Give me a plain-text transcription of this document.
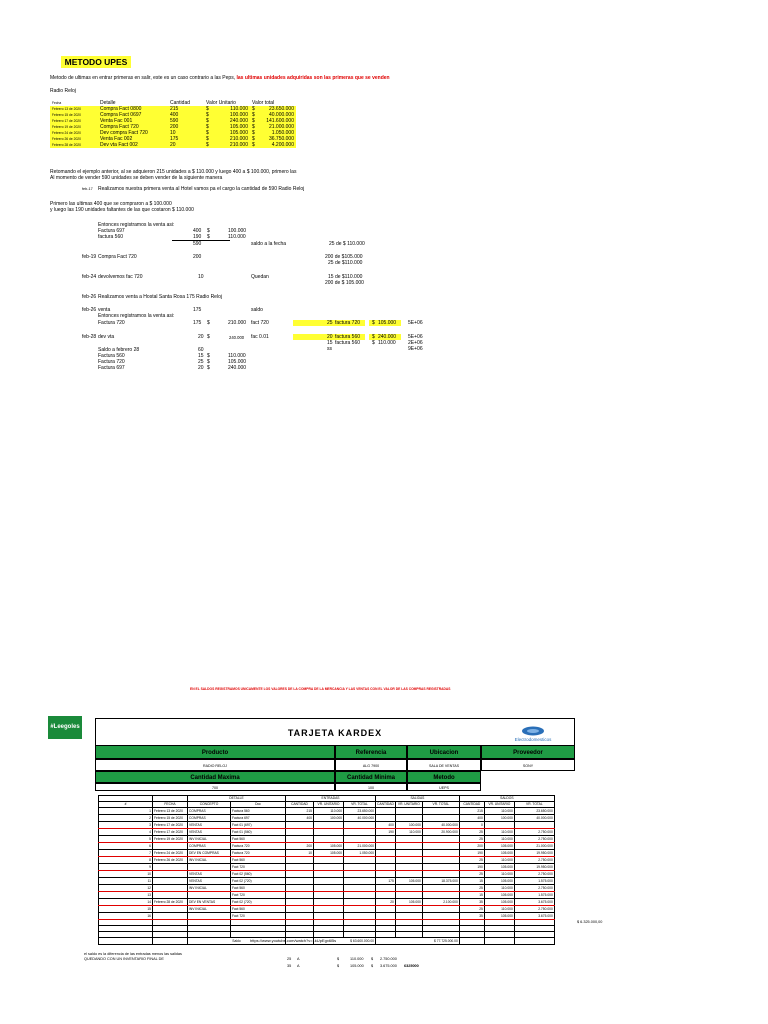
METODO UPES
Metodo de ultimas en entrar primeras en salir, este es un caso contrario a las Peps, las ultimas unidades adquiridas son las primeras que se venden
Radio Reloj
Fecha	Detalle	Cantidad	Valor Unitario	Valor total
Febrero 13 de 2020	Compra Fact 0800	215	$ 110.000	$ 23.650.000

Febrero 15 de 2020	Compra Fact 0697	400	$ 100.000	$ 40.000.000

Febrero 17 de 2020	Venta Fac 001	590	$ 240.000	$ 141.600.000

Febrero 19 de 2020	Compra Fact 720	200	$ 105.000	$ 21.000.000

Febrero 24 de 2020	Dev compra Fact 720	10	$ 105.000	$ 1.050.000

Febrero 26 de 2020	Venta Fac 002	175	$ 210.000	$ 36.750.000

Febrero 28 de 2020	Dev vta Fact 002	20	$ 210.000	$ 4.200.000
Retomando el ejemplo anterior, al se adquieron 215 unidades a $ 110.000 y luego 400 a $ 100.000, primero las
Al momento de vender 590 unidades se deben vender de la siguiente manera
feb-17 Realizamos nuestra primera venta al Hotel vamos pa el cargo la cantidad de 590 Radio Reloj
Primero las ultimas 400 que se compraron a $ 100.000
y luego las 190 unidades faltantes de las que costaron $ 110.000
Entonces registramos la venta asi:
Factura 697	400 $	100.000
factura 560	190 $	110.000
590	saldo a la fecha	25 de $ 110.000
feb-19 Compra Fact 720	200	200 de $105.000
25 de $110.000
feb-24 devolvemos fac 720	10	Quedan	15 de $110.000
200 de $ 105.000
feb-26 Realizamos venta a Hostal Santa Rosa 175 Radio Reloj
feb-26 venta	175	saldo
Entonces registramos la venta asi:
Factura 720	175 $	210.000 fact 720	25 factura 720 $ 105.000 5E+06
feb-28 dev vta	20 $	240.000 fac 0.01	20 factura 560 $ 240.000 5E+06
15 factura 560 $ 110.000 2E+06
ss	9E+06
Saldo a febrero 28	60
Factura 560	15 $	110.000
Factura 720	25 $	105.000
Factura 697	20 $	240.000
EN EL SALDOS REGISTRAMOS UNICAMENTE LOS VALORES DE LA COMPRA DE LA MERCANCIA Y LAS VENTAS CON EL VALOR DE LAS COMPRAS REGISTRADAS
#Leegoles
TARJETA KARDEX
Electrodomesticos
Producto	Referencia	Ubicacion	Proveedor
RADIO RELOJ	ALG 7900	SALA DE VENTAS	SONY
Cantidad Maxima	Cantidad Minima	Metodo
700	100	UEPS
		DETALLE		ENTRADAS			SALIDAS			SALDOS		
#	FECHA	CONCEPTO	Doc	CANTIDAD	VR. UNITARIO	VR. TOTAL	CANTIDAD	VR. UNITARIO	VR. TOTAL	CANTIDAD	VR. UNITARIO	VR. TOTAL
1	Febrero 13 de 2020	COMPRAS	Factura 560	215	110.000	23.650.000				215	110.000	23.650.000
2	Febrero 15 de 2020	COMPRAS	Factura 697	400	100.000	40.000.000				400	100.000	40.000.000
3	Febrero 17 de 2020	VENTAS	Fact 01 (697)				400	100.000	40.000.000	0		
4	Febrero 17 de 2020	VENTAS	Fact 01 (560)				190	110.000	20.900.000	25	110.000	2.750.000
5	Febrero 19 de 2020	INV INICIAL	Fact 560							25	110.000	2.750.000
6		COMPRAS	Factura 720	200	105.000	21.000.000				200	105.000	21.000.000
7	Febrero 24 de 2020	DEV EN COMPRAS	Factura 720	10	105.000	1.050.000				190	105.000	19.950.000
8	Febrero 26 de 2020	INV INICIAL	Fact 560							25	110.000	2.750.000
9			Fact 720							190	105.000	19.950.000
10		VENTAS	Fact 02 (560)							25	110.000	2.750.000
11		VENTAS	Fact 02 (720)				175	105.000	18.375.000	15	105.000	1.575.000
12		INV INICIAL	Fact 560							25	110.000	2.750.000
13			Fact 720							15	105.000	1.575.000
14	Febrero 28 de 2020	DEV EN VENTAS	Fact 02 (720)				20	105.000	2.100.000	35	105.000	3.675.000
15		INV INICIAL	Fact 560							25	110.000	2.750.000
16			Fact 720							35	105.000	3.675.000

		Saldo			$ 63.600.000.00		$ 77.725.000.00					
$ 6.325.000,00
https://www.youtube.com/watch?v=1kUpEgx6l5s
el saldo es la diferencia de las entradas menos las salidas
QUEDANDO CON UN INVENTARIO FINAL DE	25 A	$	110.000 $ 2.750.000
35 A	$	105.000 $ 3.675.000 6325000
